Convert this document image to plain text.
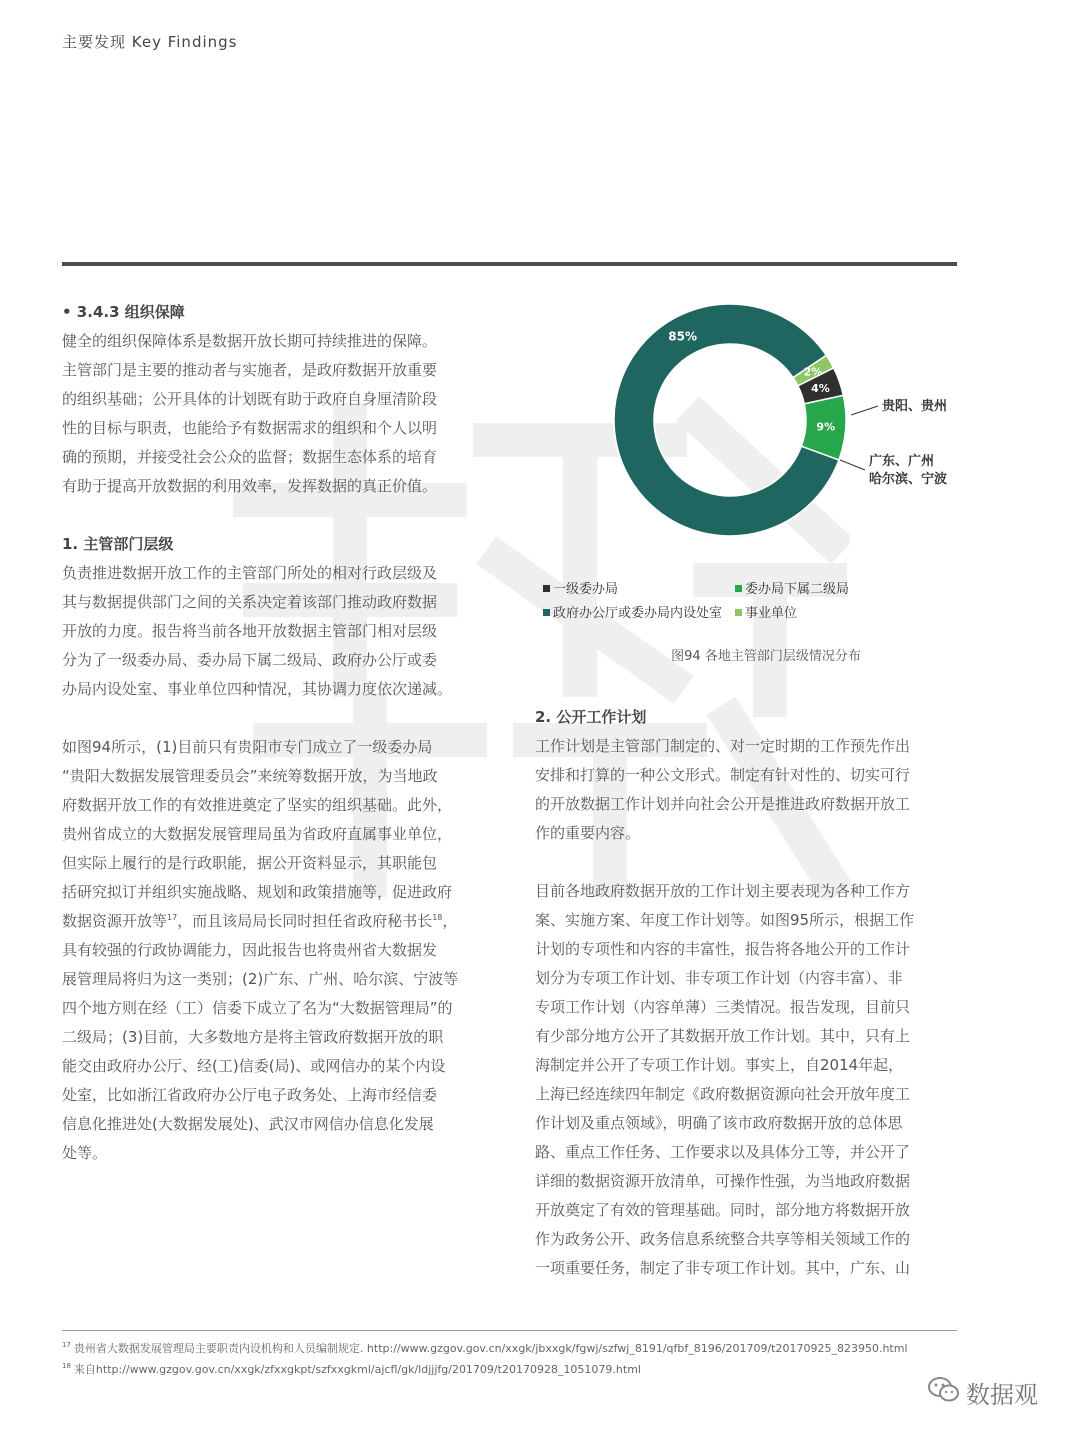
主要发现 Key Findings

• 3.4.3 组织保障

健全的组织保障体系是数据开放长期可持续推进的保障。

主管部门是主要的推动者与实施者，是政府数据开放重要

的组织基础；公开具体的计划既有助于政府自身厘清阶段

性的目标与职责，也能给予有数据需求的组织和个人以明

确的预期，并接受社会公众的监督；数据生态体系的培育

有助于提高开放数据的利用效率，发挥数据的真正价值。

1. 主管部门层级

负责推进数据开放工作的主管部门所处的相对行政层级及

其与数据提供部门之间的关系决定着该部门推动政府数据

开放的力度。报告将当前各地开放数据主管部门相对层级

分为了一级委办局、委办局下属二级局、政府办公厅或委

办局内设处室、事业单位四种情况，其协调力度依次递减。

如图94所示，(1)目前只有贵阳市专门成立了一级委办局

“贵阳大数据发展管理委员会”来统筹数据开放，为当地政

府数据开放工作的有效推进奠定了坚实的组织基础。此外，

贵州省成立的大数据发展管理局虽为省政府直属事业单位，

但实际上履行的是行政职能，据公开资料显示，其职能包

括研究拟订并组织实施战略、规划和政策措施等，促进政府

数据资源开放等$^{17}$，而且该局局长同时担任省政府秘书长$^{18}$，

具有较强的行政协调能力，因此报告也将贵州省大数据发

展管理局将归为这一类别；(2)广东、广州、哈尔滨、宁波等

四个地方则在经（工）信委下成立了名为“大数据管理局”的

二级局；(3)目前，大多数地方是将主管政府数据开放的职

能交由政府办公厅、经(工)信委(局)、或网信办的某个内设

处室，比如浙江省政府办公厅电子政务处、上海市经信委

信息化推进处(大数据发展处)、武汉市网信办信息化发展

处等。

85%
2%
4%
9%
贵阳、贵州
广东、广州
哈尔滨、宁波
一级委办局	委办局下属二级局
政府办公厅或委办局内设处室	事业单位
图94 各地主管部门层级情况分布

2. 公开工作计划

工作计划是主管部门制定的、对一定时期的工作预先作出

安排和打算的一种公文形式。制定有针对性的、切实可行

的开放数据工作计划并向社会公开是推进政府数据开放工

作的重要内容。

目前各地政府数据开放的工作计划主要表现为各种工作方

案、实施方案、年度工作计划等。如图95所示，根据工作

计划的专项性和内容的丰富性，报告将各地公开的工作计

划分为专项工作计划、非专项工作计划（内容丰富）、非

专项工作计划（内容单薄）三类情况。报告发现，目前只

有少部分地方公开了其数据开放工作计划。其中，只有上

海制定并公开了专项工作计划。事实上，自2014年起，

上海已经连续四年制定《政府数据资源向社会开放年度工

作计划及重点领域》，明确了该市政府数据开放的总体思

路、重点工作任务、工作要求以及具体分工等，并公开了

详细的数据资源开放清单，可操作性强，为当地政府数据

开放奠定了有效的管理基础。同时，部分地方将数据开放

作为政务公开、政务信息系统整合共享等相关领域工作的

一项重要任务，制定了非专项工作计划。其中，广东、山

$^{17}$ 贵州省大数据发展管理局主要职责内设机构和人员编制规定. http://www.gzgov.gov.cn/xxgk/jbxxgk/fgwj/szfwj_8191/qfbf_8196/201709/t20170925_823950.html
$^{18}$ 来自http://www.gzgov.gov.cn/xxgk/zfxxgkpt/szfxxgkml/ajcfl/gk/ldjjjfg/201709/t20170928_1051079.html
数据观
